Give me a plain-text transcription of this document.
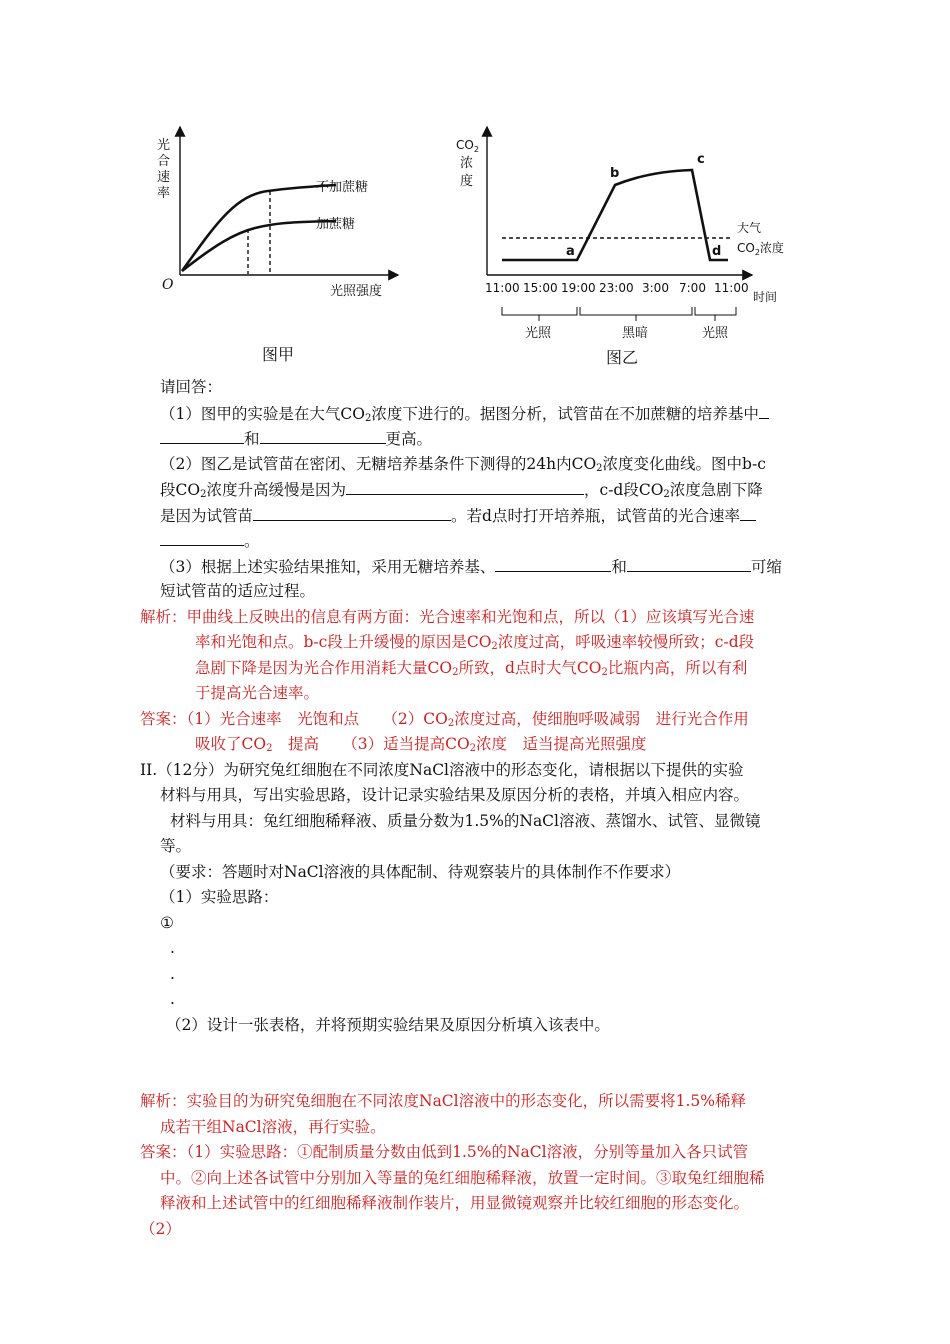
光
合
速
率
O	光照强度
不加蔗糖
加蔗糖
图甲
$CO_2$
浓
度
a
b
c
d
大气
$CO_2$浓度
11:00 15:00 19:00 23:00 3:00 7:00 11:00
时间
光照	黑暗	光照
图乙
请回答：
（1）图甲的实验是在大气$CO_2$浓度下进行的。据图分析，试管苗在不加蔗糖的培养基中
和	更高。
（2）图乙是试管苗在密闭、无糖培养基条件下测得的24h内$CO_2$浓度变化曲线。图中b-c
段$CO_2$浓度升高缓慢是因为	，c-d段$CO_2$浓度急剧下降
是因为试管苗	。若d点时打开培养瓶，试管苗的光合速率
。
（3）根据上述实验结果推知，采用无糖培养基、	和	可缩
短试管苗的适应过程。
解析：甲曲线上反映出的信息有两方面：光合速率和光饱和点，所以（1）应该填写光合速
率和光饱和点。b-c段上升缓慢的原因是$CO_2$浓度过高，呼吸速率较慢所致；c-d段
急剧下降是因为光合作用消耗大量$CO_2$所致，d点时大气$CO_2$比瓶内高，所以有利
于提高光合速率。
答案：（1）光合速率　光饱和点　　$(2)CO_2$浓度过高，使细胞呼吸减弱　进行光合作用
吸收了$CO_2$　提高　　（3）适当提高$CO_2$浓度　适当提高光照强度
II.（12分）为研究兔红细胞在不同浓度NaCl溶液中的形态变化，请根据以下提供的实验
材料与用具，写出实验思路，设计记录实验结果及原因分析的表格，并填入相应内容。
材料与用具：兔红细胞稀释液、质量分数为1.5%的NaCl溶液、蒸馏水、试管、显微镜
等。
（要求：答题时对NaCl溶液的具体配制、待观察装片的具体制作不作要求）
（1）实验思路：
①
.
.
.
（2）设计一张表格，并将预期实验结果及原因分析填入该表中。
解析：实验目的为研究兔细胞在不同浓度NaCl溶液中的形态变化，所以需要将1.5%稀释
成若干组NaCl溶液，再行实验。
答案：（1）实验思路：①配制质量分数由低到1.5%的NaCl溶液，分别等量加入各只试管
中。②向上述各试管中分别加入等量的兔红细胞稀释液，放置一定时间。③取兔红细胞稀
释液和上述试管中的红细胞稀释液制作装片，用显微镜观察并比较红细胞的形态变化。
（2）
